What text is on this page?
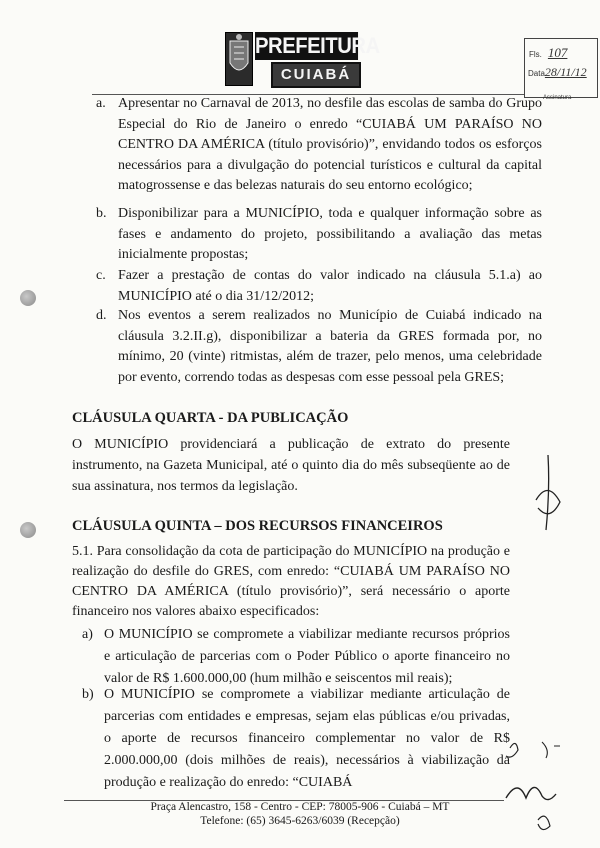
PREFEITURA
CUIABÁ
Fls. 107
Data28/11/12
Assinatura
a. Apresentar no Carnaval de 2013, no desfile das escolas de samba do Grupo Especial do Rio de Janeiro o enredo “CUIABÁ UM PARAÍSO NO CENTRO DA AMÉRICA (título provisório)”, envidando todos os esforços necessários para a divulgação do potencial turísticos e cultural da capital matogrossense e das belezas naturais do seu entorno ecológico;
b. Disponibilizar para a MUNICÍPIO, toda e qualquer informação sobre as fases e andamento do projeto, possibilitando a avaliação das metas inicialmente propostas;
c. Fazer a prestação de contas do valor indicado na cláusula 5.1.a) ao MUNICÍPIO até o dia 31/12/2012;
d. Nos eventos a serem realizados no Município de Cuiabá indicado na cláusula 3.2.II.g), disponibilizar a bateria da GRES formada por, no mínimo, 20 (vinte) ritmistas, além de trazer, pelo menos, uma celebridade por evento, correndo todas as despesas com esse pessoal pela GRES;
CLÁUSULA QUARTA - DA PUBLICAÇÃO
O MUNICÍPIO providenciará a publicação de extrato do presente instrumento, na Gazeta Municipal, até o quinto dia do mês subseqüente ao de sua assinatura, nos termos da legislação.
CLÁUSULA QUINTA – DOS RECURSOS FINANCEIROS
5.1. Para consolidação da cota de participação do MUNICÍPIO na produção e realização do desfile do GRES, com enredo: “CUIABÁ UM PARAÍSO NO CENTRO DA AMÉRICA (título provisório)”, será necessário o aporte financeiro nos valores abaixo especificados:
a) O MUNICÍPIO se compromete a viabilizar mediante recursos próprios e articulação de parcerias com o Poder Público o aporte financeiro no valor de R$ 1.600.000,00 (hum milhão e seiscentos mil reais);
b) O MUNICÍPIO se compromete a viabilizar mediante articulação de parcerias com entidades e empresas, sejam elas públicas e/ou privadas, o aporte de recursos financeiro complementar no valor de R$ 2.000.000,00 (dois milhões de reais), necessários à viabilização da produção e realização do enredo: “CUIABÁ
Praça Alencastro, 158 - Centro - CEP: 78005-906 - Cuiabá – MT
Telefone: (65) 3645-6263/6039 (Recepção)
